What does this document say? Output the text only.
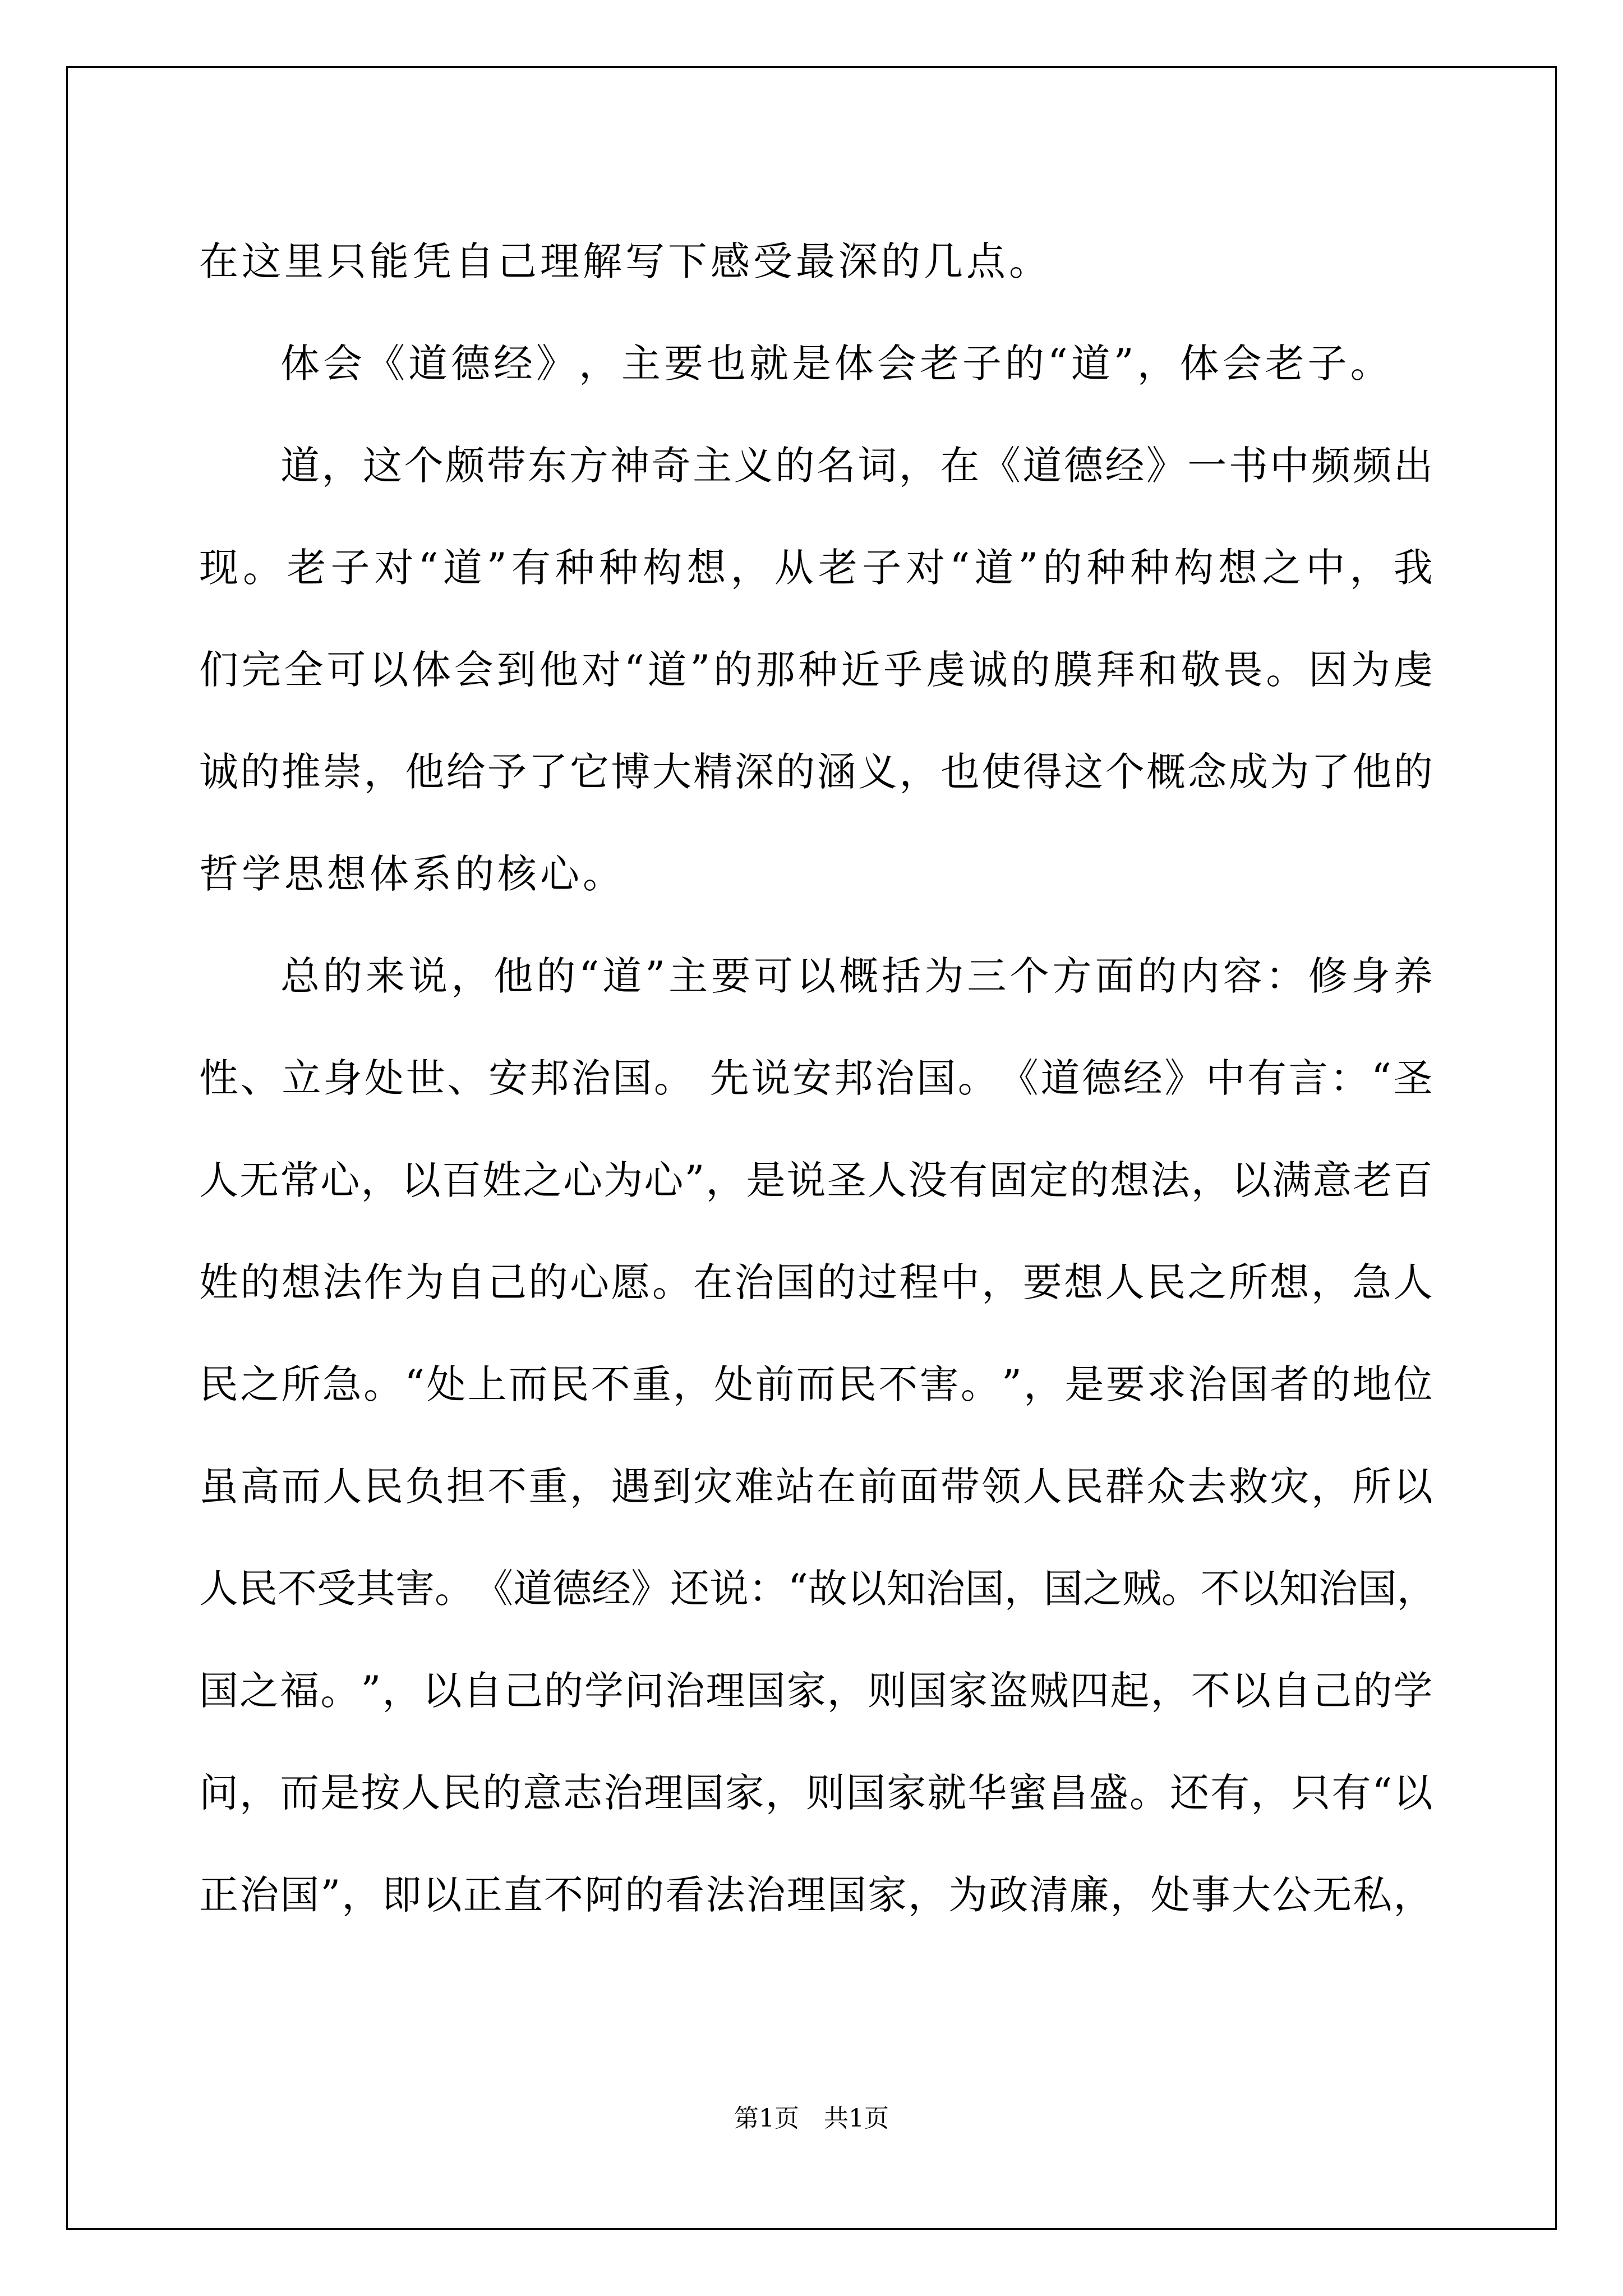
在 这 里 只 能 凭 自 己 理 解 写 下 感 受 最 深 的 几 点 。
体 会 《 道 德 经 》 ， 主 要 也 就 是 体 会 老 子 的 “ 道 ” ， 体 会 老 子 。
道 ， 这 个 颇 带 东 方 神 奇 主 义 的 名 词 ， 在 《 道 德 经 》 一 书 中 频 频 出
现 。 老 子 对 “ 道 ” 有 种 种 构 想 ， 从 老 子 对 “ 道 ” 的 种 种 构 想 之 中 ， 我
们 完 全 可 以 体 会 到 他 对 “ 道 ” 的 那 种 近 乎 虔 诚 的 膜 拜 和 敬 畏 。 因 为 虔
诚 的 推 崇 ， 他 给 予 了 它 博 大 精 深 的 涵 义 ， 也 使 得 这 个 概 念 成 为 了 他 的
哲 学 思 想 体 系 的 核 心 。
总 的 来 说 ， 他 的 “ 道 ” 主 要 可 以 概 括 为 三 个 方 面 的 内 容 ： 修 身 养
性 、 立 身 处 世 、 安 邦 治 国 。
先 说 安 邦 治 国 。 《 道 德 经 》 中 有 言 ： “ 圣
人 无 常 心 ， 以 百 姓 之 心 为 心 ” ， 是 说 圣 人 没 有 固 定 的 想 法 ， 以 满 意 老 百
姓 的 想 法 作 为 自 己 的 心 愿 。 在 治 国 的 过 程 中 ， 要 想 人 民 之 所 想 ， 急 人
民 之 所 急 。 “ 处 上 而 民 不 重 ， 处 前 而 民 不 害 。 ” ， 是 要 求 治 国 者 的 地 位
虽 高 而 人 民 负 担 不 重 ， 遇 到 灾 难 站 在 前 面 带 领 人 民 群 众 去 救 灾 ， 所 以
人 民 不 受 其 害 。 《 道 德 经 》 还 说 ： “ 故 以 知 治 国 ， 国 之 贼 。 不 以 知 治 国 ，
国 之 福 。 ” ， 以 自 己 的 学 问 治 理 国 家 ， 则 国 家 盗 贼 四 起 ， 不 以 自 己 的 学
问 ， 而 是 按 人 民 的 意 志 治 理 国 家 ， 则 国 家 就 华 蜜 昌 盛 。 还 有 ， 只 有 “ 以
正 治 国 ” ， 即 以 正 直 不 阿 的 看 法 治 理 国 家 ， 为 政 清 廉 ， 处 事 大 公 无 私 ，
第1页　共1页
